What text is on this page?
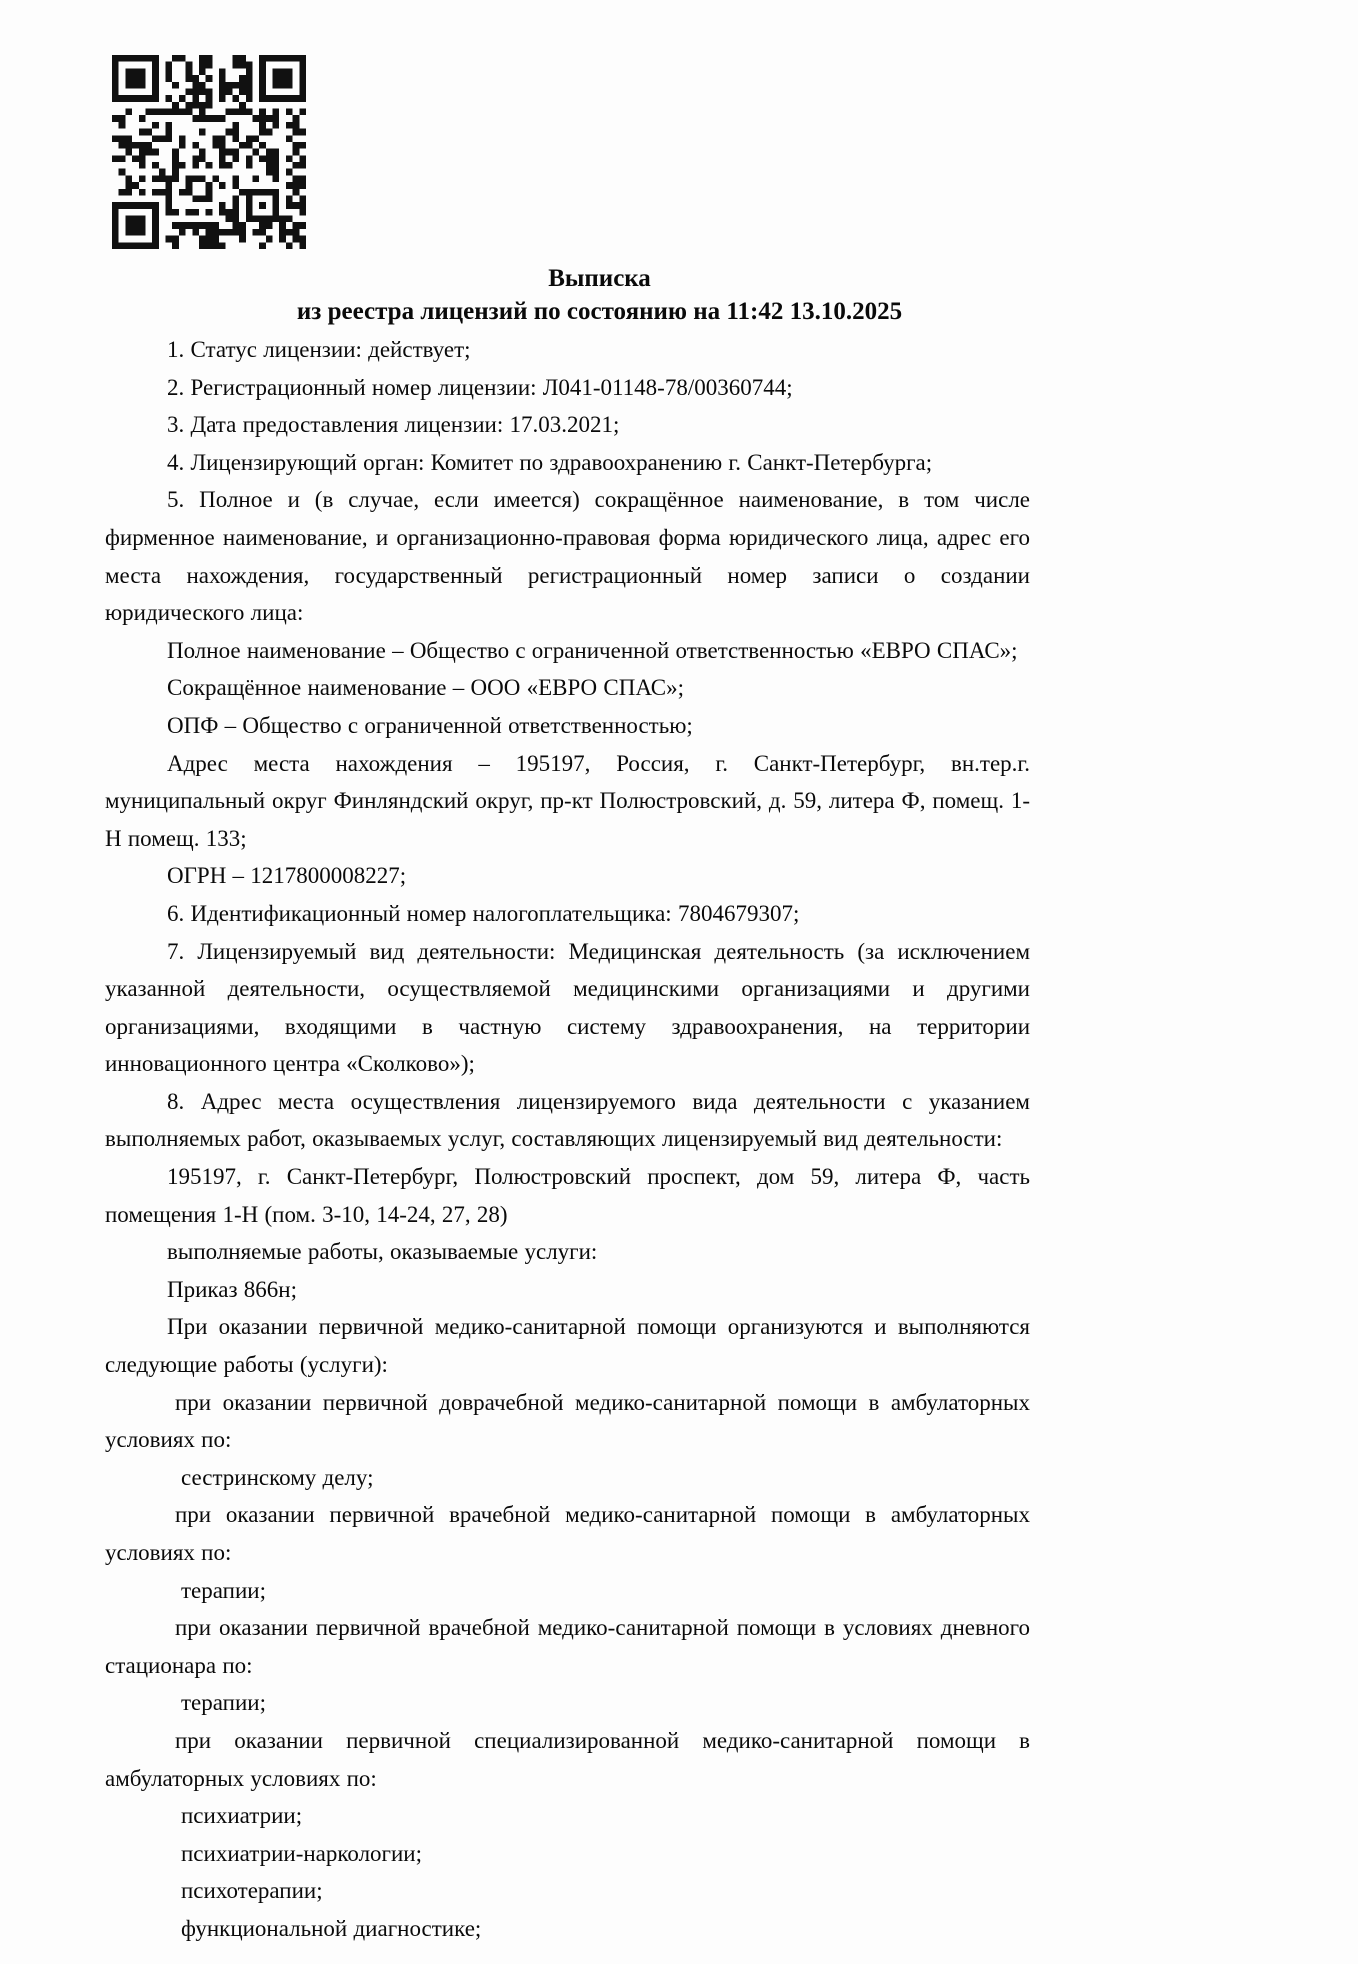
Выписка
из реестра лицензий по состоянию на 11:42 13.10.2025

1. Статус лицензии: действует;

2. Регистрационный номер лицензии: Л041-01148-78/00360744;

3. Дата предоставления лицензии: 17.03.2021;

4. Лицензирующий орган: Комитет по здравоохранению г. Санкт-Петербурга;

5. Полное и (в случае, если имеется) сокращённое наименование, в том числе фирменное наименование, и организационно-правовая форма юридического лица, адрес его места нахождения, государственный регистрационный номер записи о создании юридического лица:

Полное наименование – Общество с ограниченной ответственностью «ЕВРО СПАС»;

Сокращённое наименование – ООО «ЕВРО СПАС»;

ОПФ – Общество с ограниченной ответственностью;

Адрес места нахождения – 195197, Россия, г. Санкт-Петербург, вн.тер.г. муниципальный округ Финляндский округ, пр-кт Полюстровский, д. 59, литера Ф, помещ. 1-Н помещ. 133;

ОГРН – 1217800008227;

6. Идентификационный номер налогоплательщика: 7804679307;

7. Лицензируемый вид деятельности: Медицинская деятельность (за исключением указанной деятельности, осуществляемой медицинскими организациями и другими организациями, входящими в частную систему здравоохранения, на территории инновационного центра «Сколково»);

8. Адрес места осуществления лицензируемого вида деятельности с указанием выполняемых работ, оказываемых услуг, составляющих лицензируемый вид деятельности:

195197, г. Санкт-Петербург, Полюстровский проспект, дом 59, литера Ф, часть помещения 1-Н (пом. 3-10, 14-24, 27, 28)

выполняемые работы, оказываемые услуги:

Приказ 866н;

При оказании первичной медико-санитарной помощи организуются и выполняются следующие работы (услуги):

при оказании первичной доврачебной медико-санитарной помощи в амбулаторных условиях по:

сестринскому делу;

при оказании первичной врачебной медико-санитарной помощи в амбулаторных условиях по:

терапии;

при оказании первичной врачебной медико-санитарной помощи в условиях дневного стационара по:

терапии;

при оказании первичной специализированной медико-санитарной помощи в амбулаторных условиях по:

психиатрии;

психиатрии-наркологии;

психотерапии;

функциональной диагностике;
